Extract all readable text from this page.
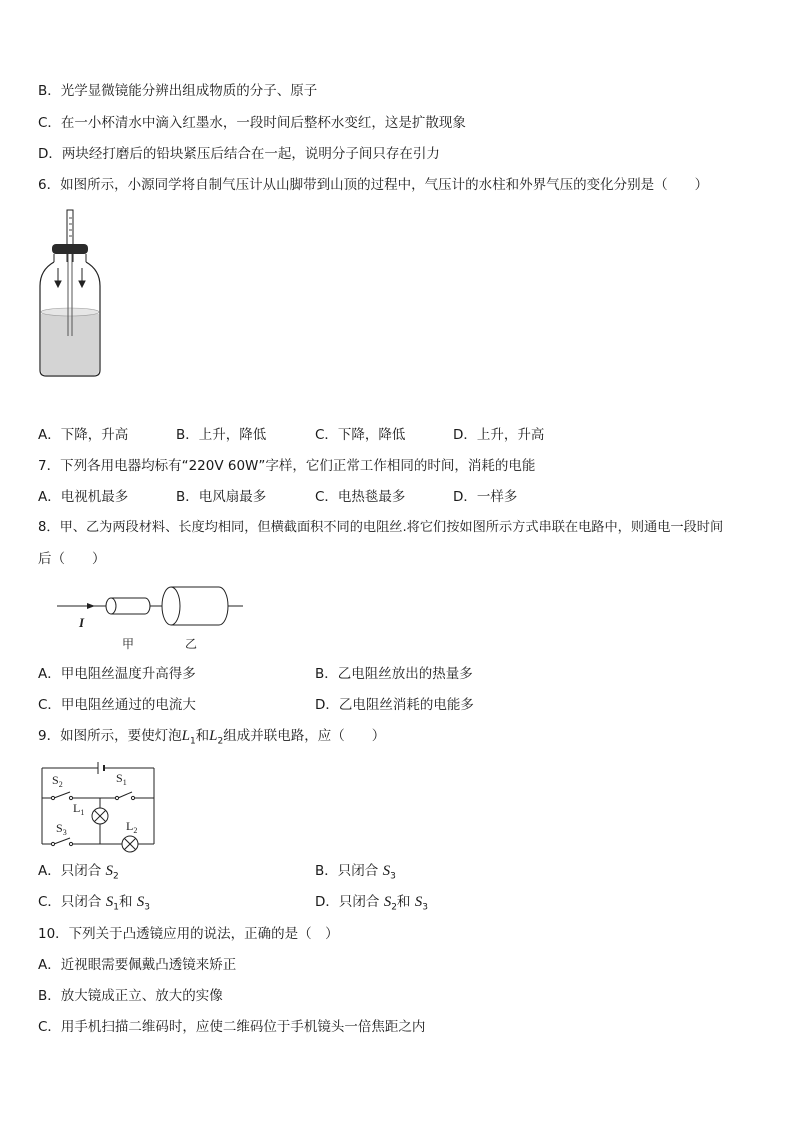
B．光学显微镜能分辨出组成物质的分子、原子
C．在一小杯清水中滴入红墨水，一段时间后整杯水变红，这是扩散现象
D．两块经打磨后的铅块紧压后结合在一起，说明分子间只存在引力
6．如图所示，小源同学将自制气压计从山脚带到山顶的过程中，气压计的水柱和外界气压的变化分别是（　　）
A．下降，升高	B．上升，降低	C．下降，降低	D．上升，升高
7．下列各用电器均标有“220V 60W”字样，它们正常工作相同的时间，消耗的电能
A．电视机最多	B．电风扇最多	C．电热毯最多	D．一样多
8．甲、乙为两段材料、长度均相同，但横截面积不同的电阻丝.将它们按如图所示方式串联在电路中，则通电一段时间
后（　　）
I
甲	乙
A．甲电阻丝温度升高得多	B．乙电阻丝放出的热量多
C．甲电阻丝通过的电流大	D．乙电阻丝消耗的电能多
9．如图所示，要使灯泡$L_1$和$L_2$组成并联电路，应（　　）
$S_2$	$S_1$
$L_1$
$S_3$	$L_2$
A．只闭合 $S_2$	B．只闭合 $S_3$
C．只闭合 $S_1$和 $S_3$	D．只闭合 $S_2$和 $S_3$
10．下列关于凸透镜应用的说法，正确的是（　）
A．近视眼需要佩戴凸透镜来矫正
B．放大镜成正立、放大的实像
C．用手机扫描二维码时，应使二维码位于手机镜头一倍焦距之内
